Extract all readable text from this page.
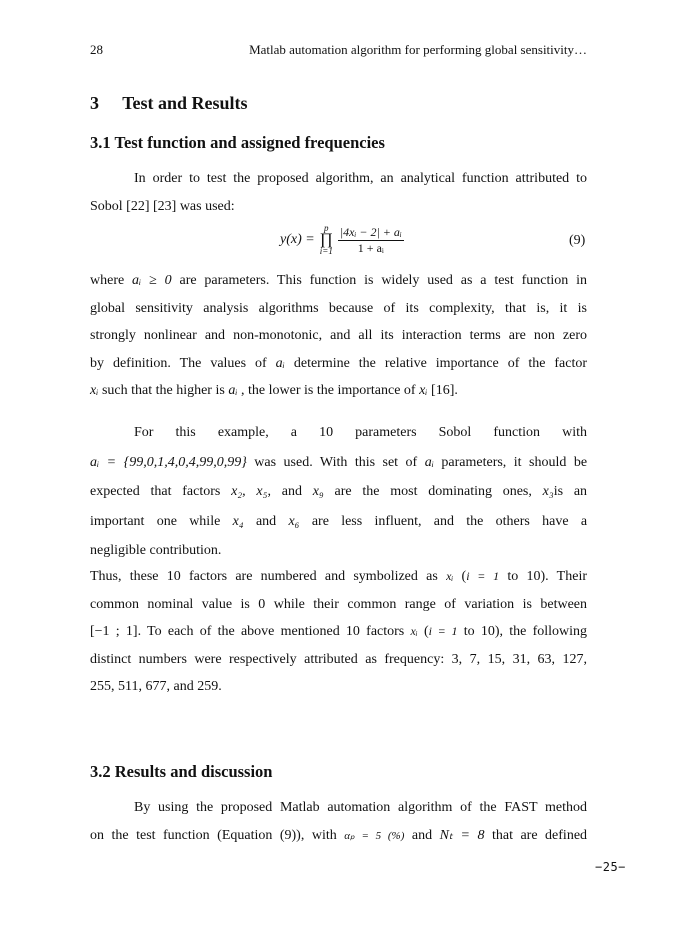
28	Matlab automation algorithm for performing global sensitivity…
3 Test and Results
3.1 Test function and assigned frequencies
In order to test the proposed algorithm, an analytical function attributed to
Sobol [22] [23] was used:
y(x) = p
∏
$i=1 \frac{\text{|4xᵢ − 2| + aᵢ}}{\text{1 + aᵢ}}$	(9)
where aᵢ ≥ 0 are parameters. This function is widely used as a test function in
global sensitivity analysis algorithms because of its complexity, that is, it is
strongly nonlinear and non-monotonic, and all its interaction terms are non zero
by definition. The values of aᵢ determine the relative importance of the factor
xᵢ such that the higher is aᵢ , the lower is the importance of xᵢ [16].
For this example, a 10 parameters Sobol function with
aᵢ = {99,0,1,4,0,4,99,0,99} was used. With this set of aᵢ parameters, it should be
expected that factors x₂, x₅, and x₉ are the most dominating ones, x₃is an
important one while x₄ and x₆ are less influent, and the others have a
negligible contribution.
Thus, these 10 factors are numbered and symbolized as xᵢ (i = 1 to 10). Their
common nominal value is 0 while their common range of variation is between
[−1 ; 1]. To each of the above mentioned 10 factors xᵢ (i = 1 to 10), the following
distinct numbers were respectively attributed as frequency: 3, 7, 15, 31, 63, 127,
255, 511, 677, and 259.
3.2 Results and discussion
By using the proposed Matlab automation algorithm of the FAST method
on the test function (Equation (9)), with αₚ = 5 (%) and Nₜ = 8 that are defined
−25−
